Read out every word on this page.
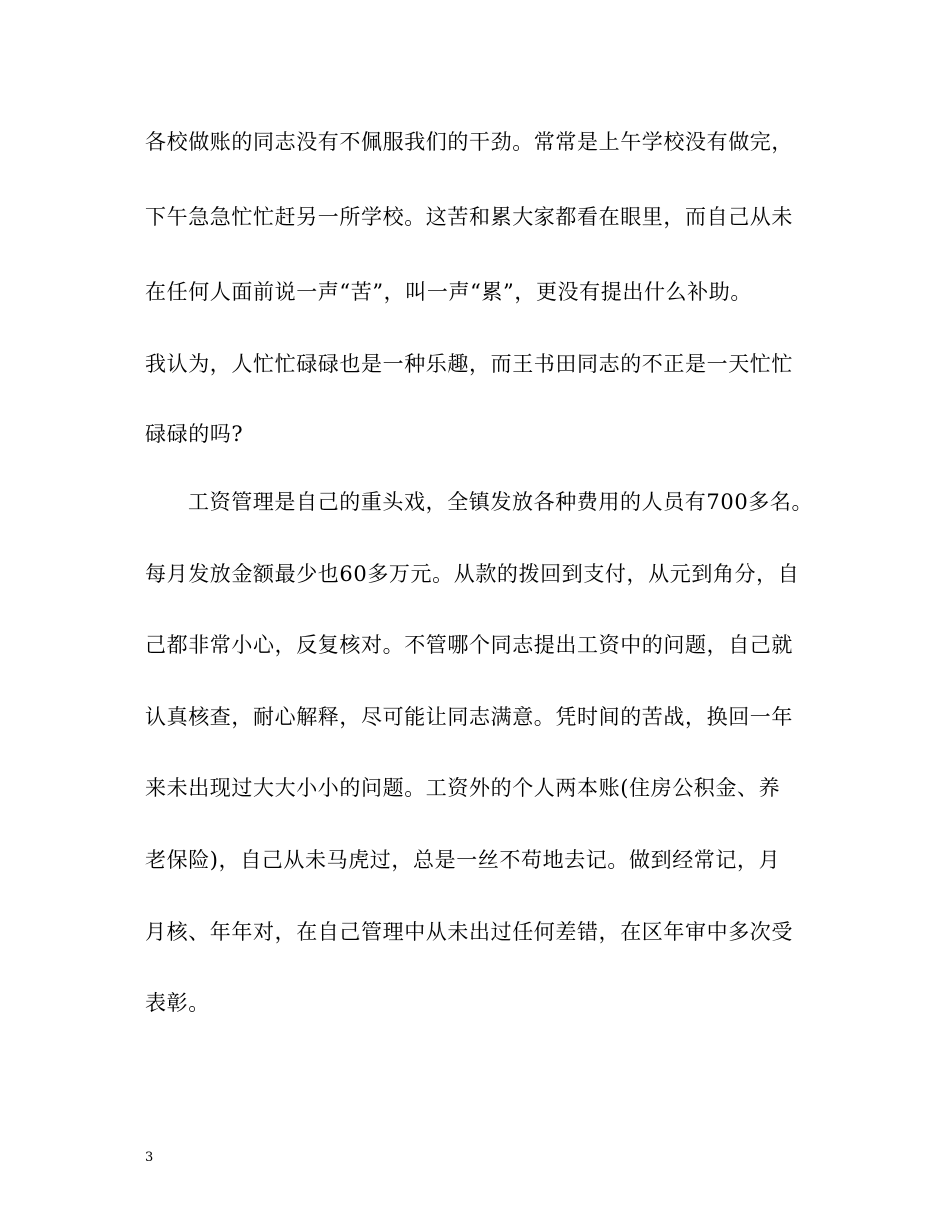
各校做账的同志没有不佩服我们的干劲。常常是上午学校没有做完，
下午急急忙忙赶另一所学校。这苦和累大家都看在眼里，而自己从未
在任何人面前说一声“苦”，叫一声“累”，更没有提出什么补助。
我认为，人忙忙碌碌也是一种乐趣，而王书田同志的不正是一天忙忙
碌碌的吗?
工资管理是自己的重头戏，全镇发放各种费用的人员有700多名。
每月发放金额最少也60多万元。从款的拨回到支付，从元到角分，自
己都非常小心，反复核对。不管哪个同志提出工资中的问题，自己就
认真核查，耐心解释，尽可能让同志满意。凭时间的苦战，换回一年
来未出现过大大小小的问题。工资外的个人两本账(住房公积金、养
老保险)，自己从未马虎过，总是一丝不苟地去记。做到经常记，月
月核、年年对，在自己管理中从未出过任何差错，在区年审中多次受
表彰。
3
